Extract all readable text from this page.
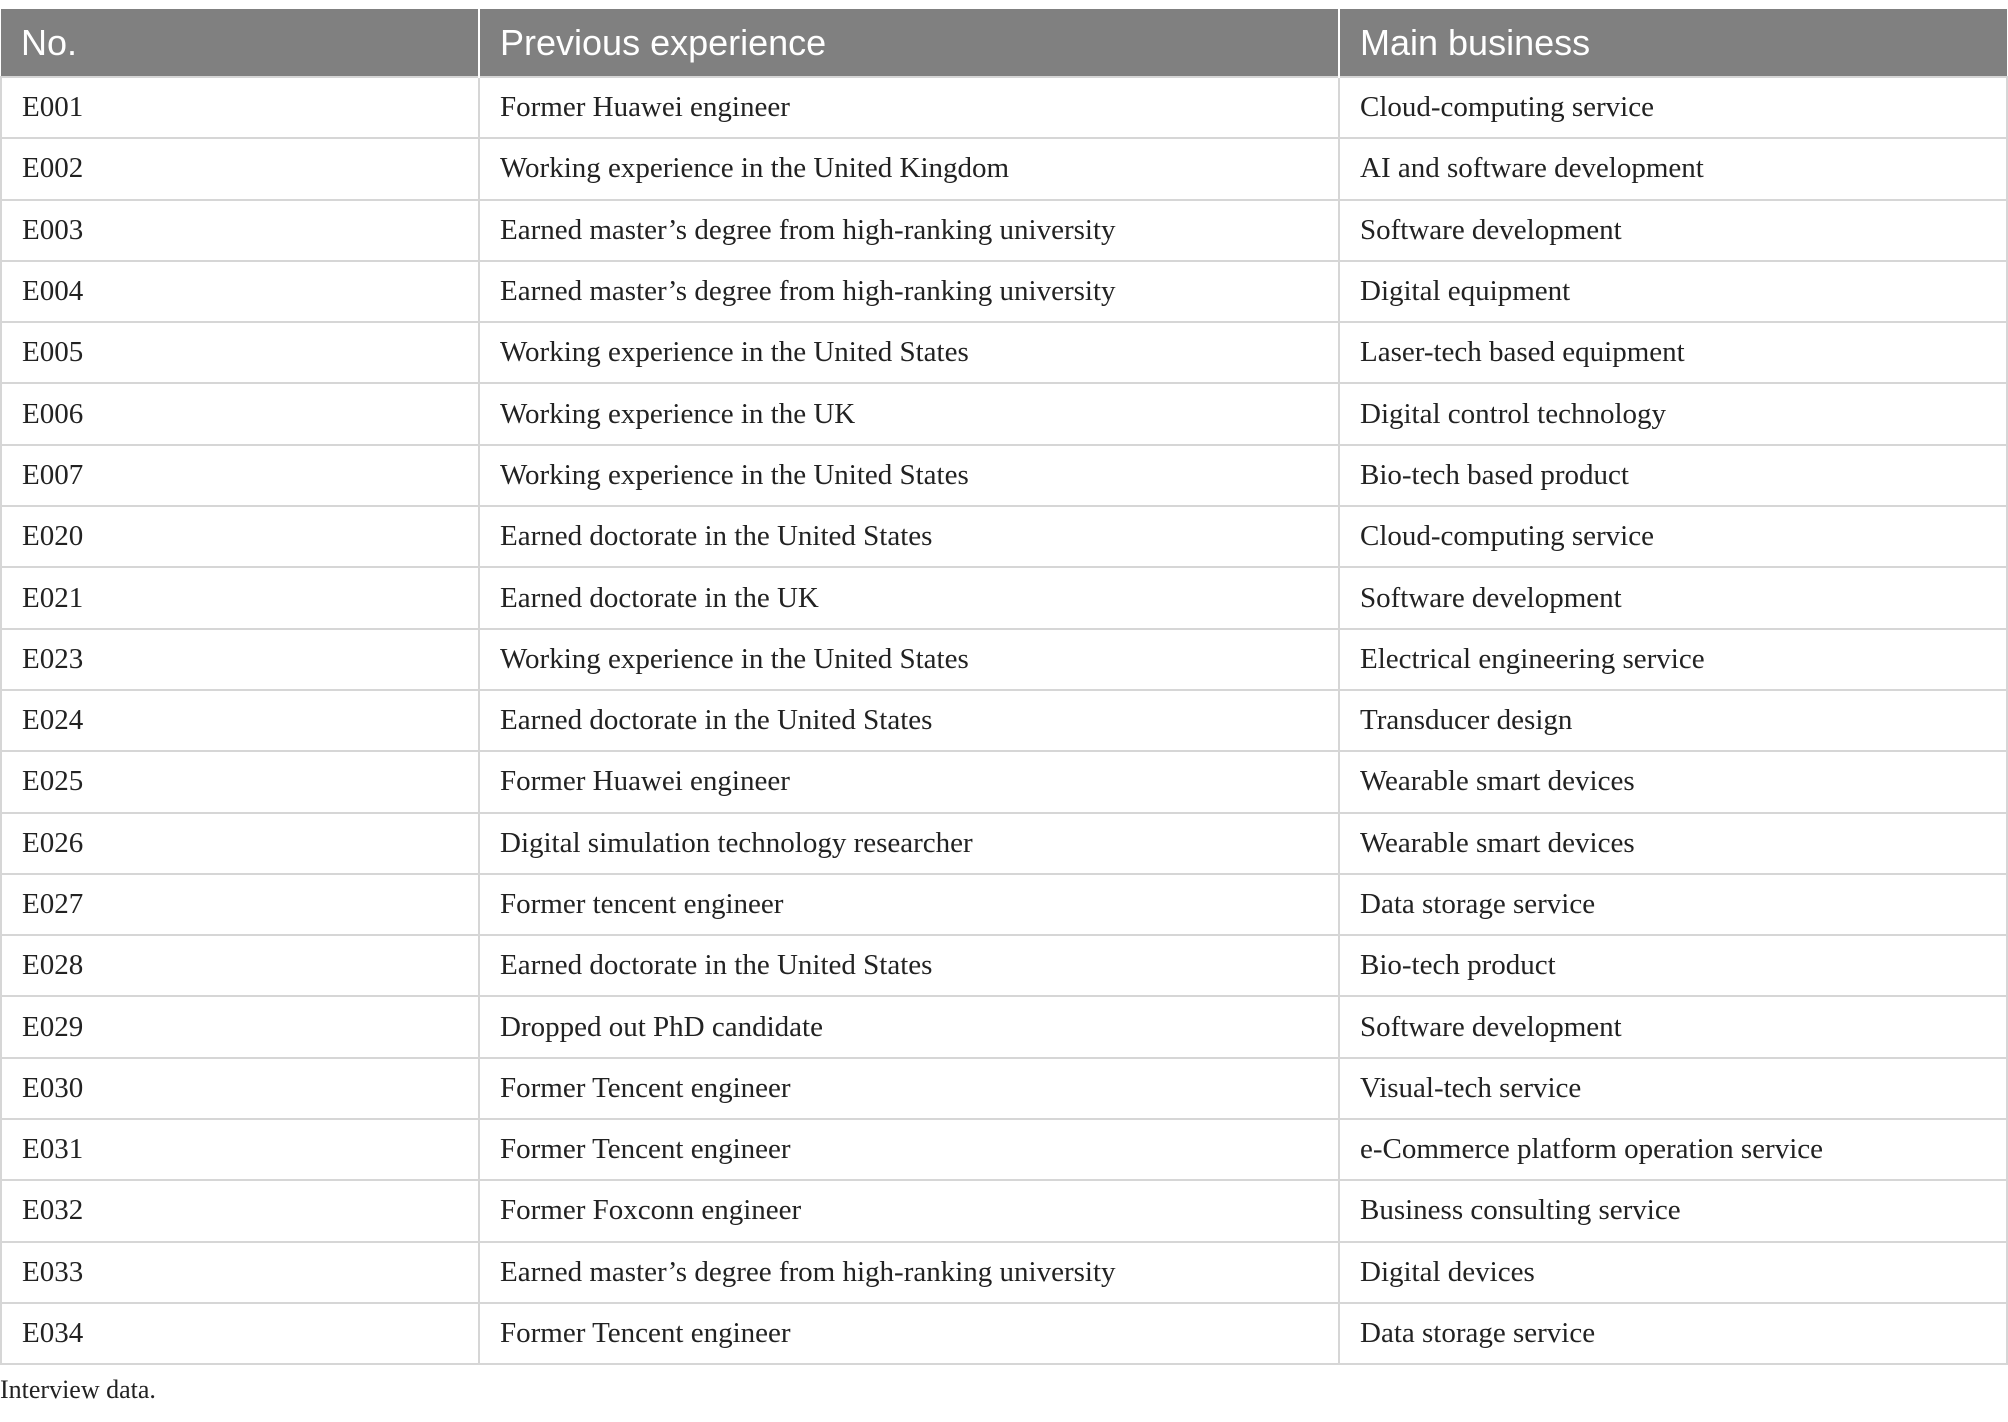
No.	Previous experience	Main business
E001	Former Huawei engineer	Cloud-computing service
E002	Working experience in the United Kingdom	AI and software development
E003	Earned master’s degree from high-ranking university	Software development
E004	Earned master’s degree from high-ranking university	Digital equipment
E005	Working experience in the United States	Laser-tech based equipment
E006	Working experience in the UK	Digital control technology
E007	Working experience in the United States	Bio-tech based product
E020	Earned doctorate in the United States	Cloud-computing service
E021	Earned doctorate in the UK	Software development
E023	Working experience in the United States	Electrical engineering service
E024	Earned doctorate in the United States	Transducer design
E025	Former Huawei engineer	Wearable smart devices
E026	Digital simulation technology researcher	Wearable smart devices
E027	Former tencent engineer	Data storage service
E028	Earned doctorate in the United States	Bio-tech product
E029	Dropped out PhD candidate	Software development
E030	Former Tencent engineer	Visual-tech service
E031	Former Tencent engineer	e-Commerce platform operation service
E032	Former Foxconn engineer	Business consulting service
E033	Earned master’s degree from high-ranking university	Digital devices
E034	Former Tencent engineer	Data storage service
Interview data.
